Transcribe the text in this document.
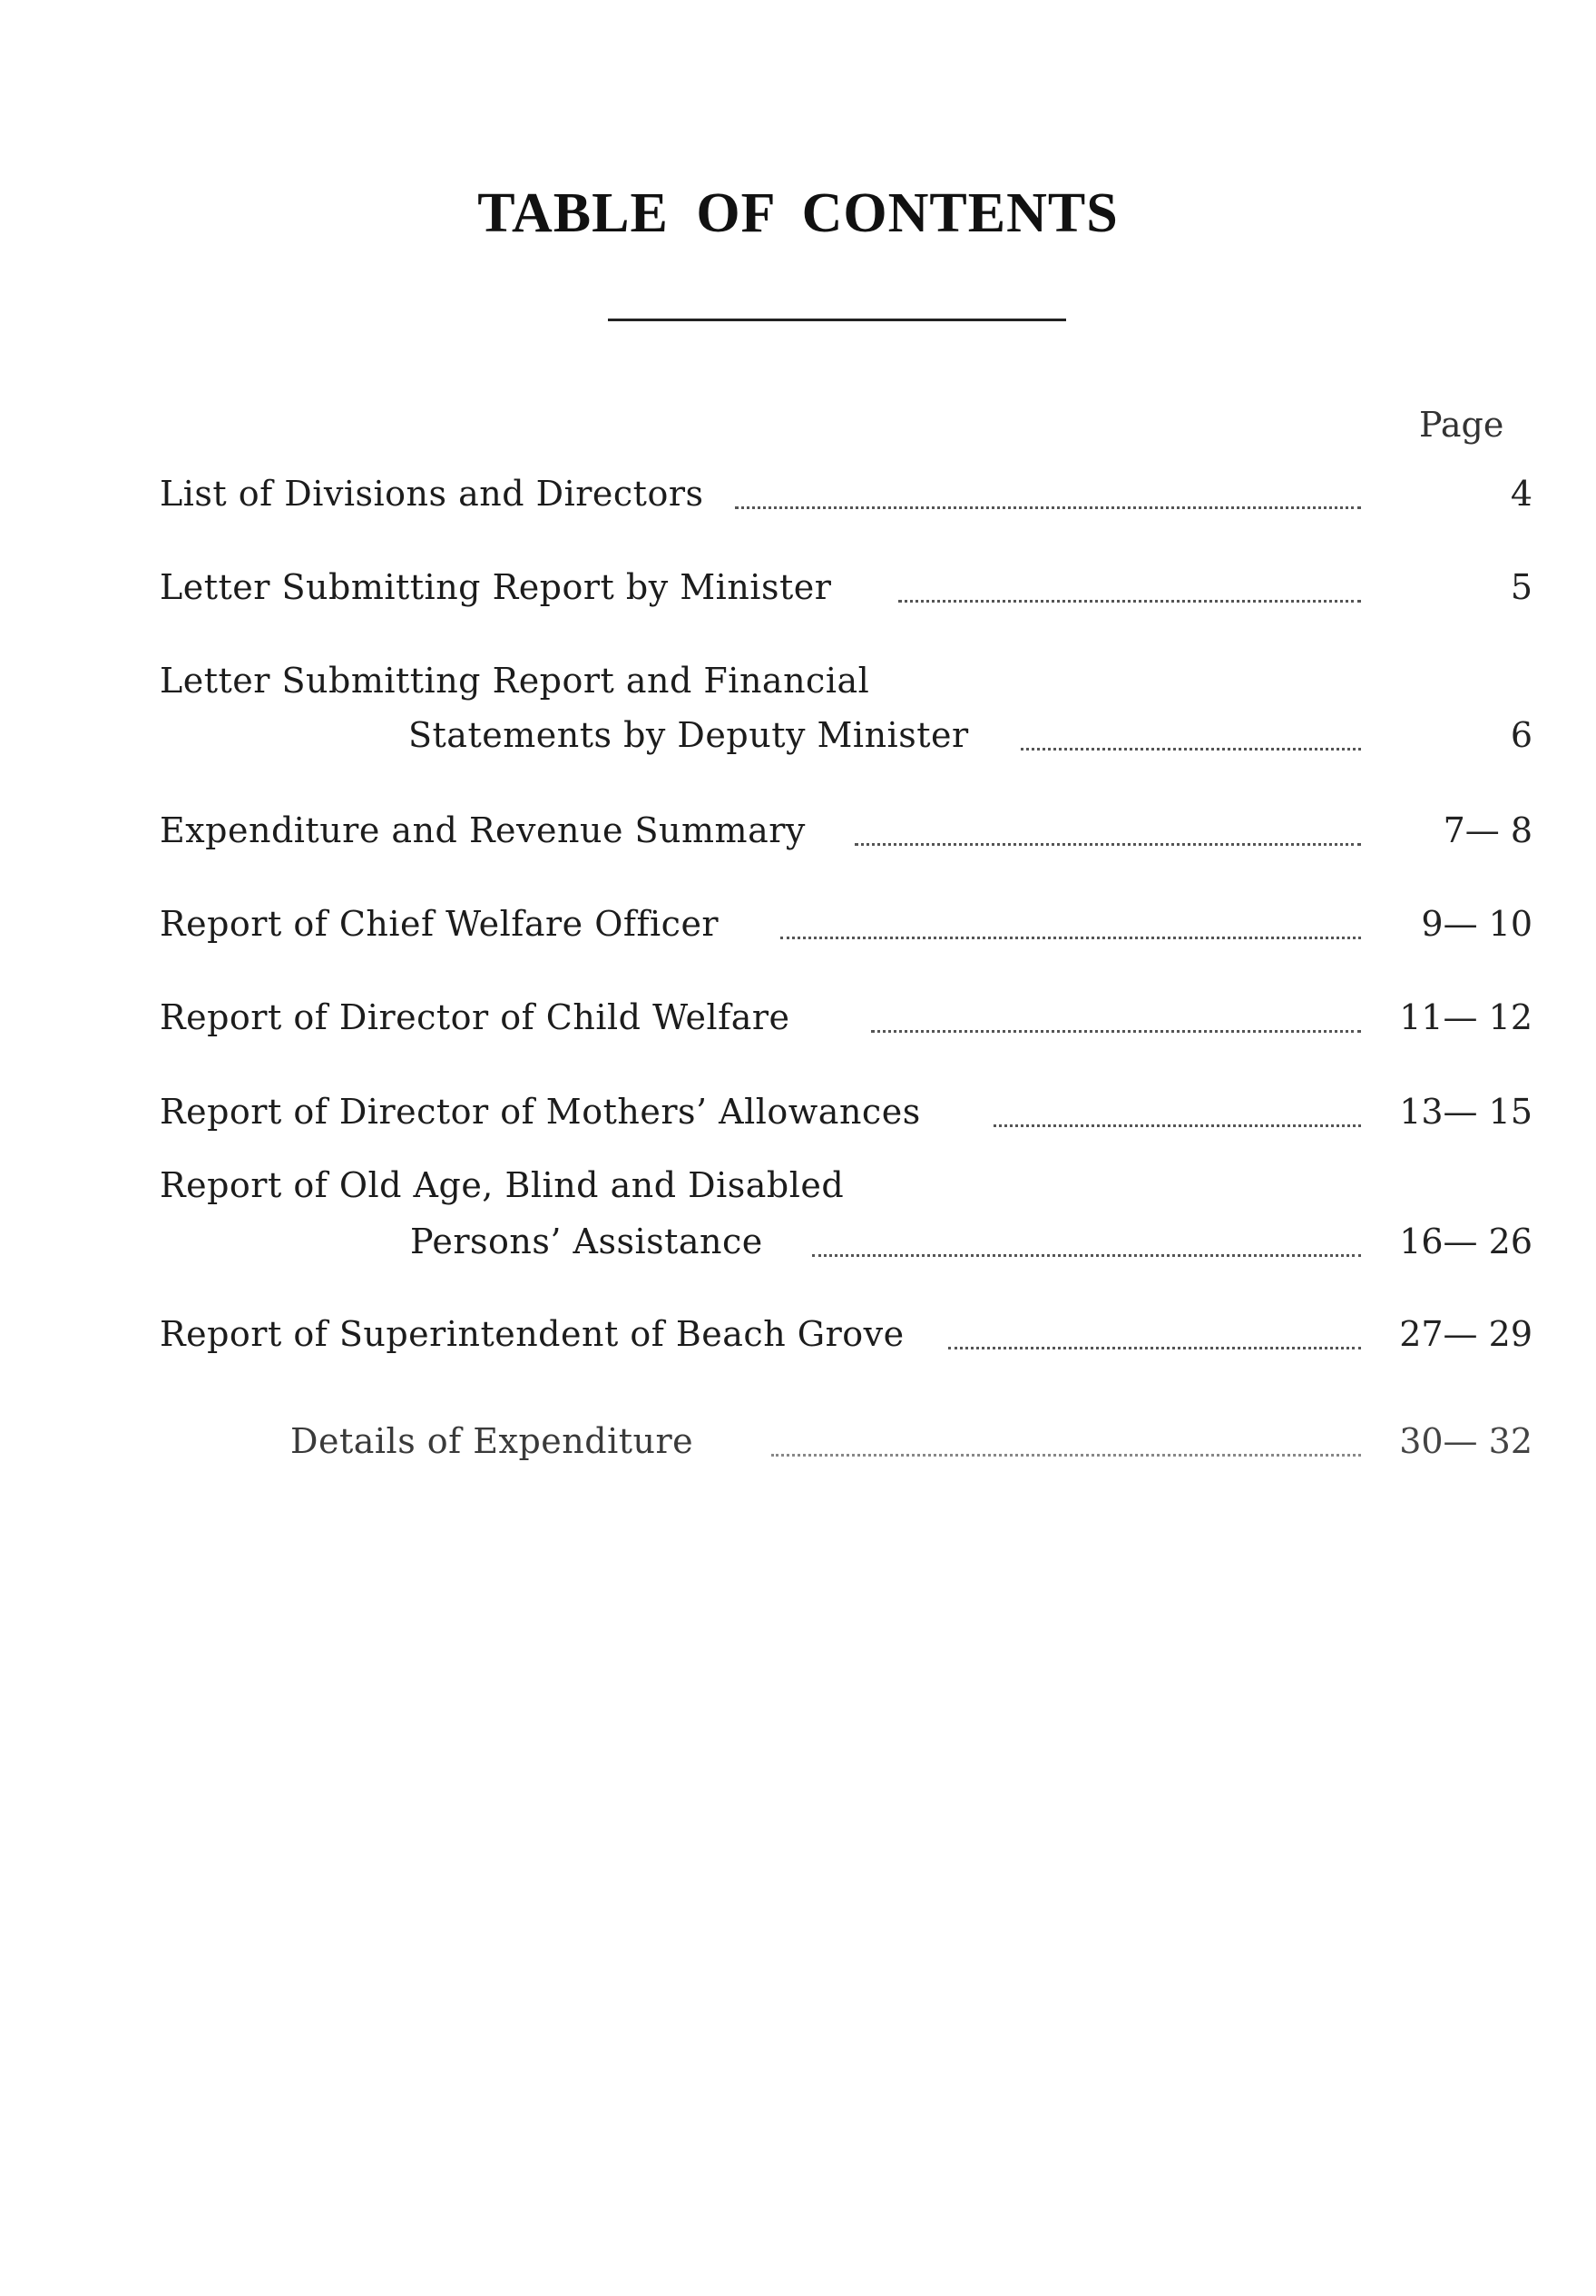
TABLE OF CONTENTS
Page
List of Divisions and Directors	4
Letter Submitting Report by Minister	5
Letter Submitting Report and Financial
Statements by Deputy Minister	6
Expenditure and Revenue Summary	7— 8
Report of Chief Welfare Officer	9— 10
Report of Director of Child Welfare	11— 12
Report of Director of Mothers’ Allowances	13— 15
Report of Old Age, Blind and Disabled
Persons’ Assistance	16— 26
Report of Superintendent of Beach Grove	27— 29
Details of Expenditure	30— 32
